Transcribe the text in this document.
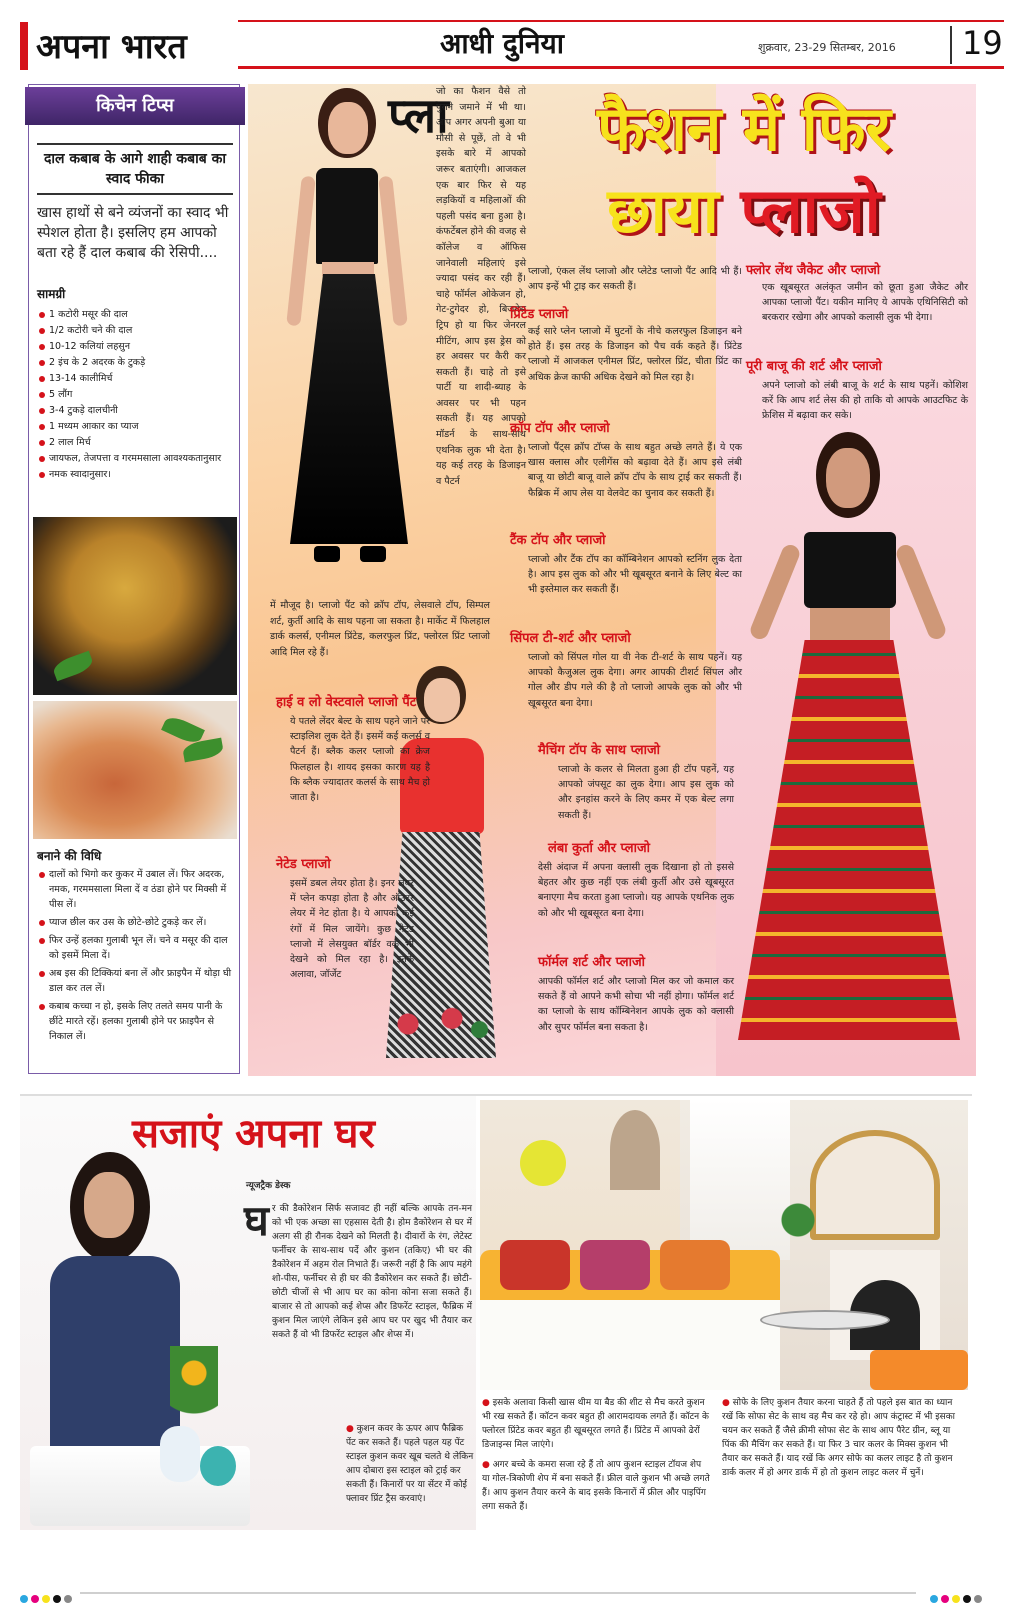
अपना भारत	आधी दुनिया	शुक्रवार, 23-29 सितम्बर, 2016 19
किचेन टिप्स
दाल कबाब के आगे शाही कबाब का स्वाद फीका
खास हाथों से बने व्यंजनों का स्वाद भी स्पेशल होता है। इसलिए हम आपको बता रहे हैं दाल कबाब की रेसिपी....
सामग्री
1 कटोरी मसूर की दाल
1/2 कटोरी चने की दाल
10-12 कलियां लहसुन
2 इंच के 2 अदरक के टुकड़े
13-14 कालीमिर्च
5 लौंग
3-4 टुकड़े दालचीनी
1 मध्यम आकार का प्याज
2 लाल मिर्च
जायफल, तेजपत्ता व गरममसाला आवश्यकतानुसार
नमक स्वादानुसार।
बनाने की विधि
दालों को भिगो कर कुकर में उबाल लें। फिर अदरक, नमक, गरममसाला मिला दें व ठंडा होने पर मिक्सी में पीस लें।
प्याज छील कर उस के छोटे-छोटे टुकड़े कर लें।
फिर उन्हें हलका गुलाबी भून लें। चने व मसूर की दाल को इसमें मिला दें।
अब इस की टिक्कियां बना लें और फ्राइपैन में थोड़ा घी डाल कर तल लें।
कबाब कच्चा न हो, इसके लिए तलते समय पानी के छींटे मारते रहें। हलका गुलाबी होने पर फ्राइपैन से निकाल लें।
प्ला
जो का फैशन वैसे तो पुराने जमाने में भी था। आप अगर अपनी बुआ या मौसी से पूछें, तो वे भी इसके बारे में आपको जरूर बताएंगी। आजकल एक बार फिर से यह लड़कियों व महिलाओं की पहली पसंद बना हुआ है। कंफर्टेबल होने की वजह से कॉलेज व ऑफिस जानेवाली महिलाएं इसे ज्यादा पसंद कर रही हैं। चाहे फॉर्मल ओकेजन हो, गेट-टुगेदर हो, बिजनेस ट्रिप हो या फिर जेनरल मीटिंग, आप इस ड्रेस को हर अवसर पर कैरी कर सकती हैं। चाहे तो इसे पार्टी या शादी-ब्याह के अवसर पर भी पहन सकती हैं। यह आपको मॉडर्न के साथ-साथ एथनिक लुक भी देता है। यह कई तरह के डिजाइन व पैटर्न
में मौजूद है। प्लाजो पैंट को क्रॉप टॉप, लेसवाले टॉप, सिम्पल शर्ट, कुर्ती आदि के साथ पहना जा सकता है। मार्केट में फिलहाल डार्क कलर्स, एनीमल प्रिंटेड, कलरफुल प्रिंट, फ्लोरल प्रिंट प्लाजो आदि मिल रहे हैं।
फैशन में फिर
छाया प्लाजो
प्लाजो, एंकल लेंथ प्लाजो और प्लेटेड प्लाजो पैंट आदि भी हैं। आप इन्हें भी ट्राइ कर सकती हैं।
प्रिंटेड प्लाजो
कई सारे प्लेन प्लाजो में घुटनों के नीचे कलरफुल डिजाइन बने होते हैं। इस तरह के डिजाइन को पैच वर्क कहते हैं। प्रिंटेड प्लाजो में आजकल एनीमल प्रिंट, फ्लोरल प्रिंट, चीता प्रिंट का अधिक क्रेज काफी अधिक देखने को मिल रहा है।
क्रॉप टॉप और प्लाजो
प्लाजो पैंट्स क्रॉप टॉप्स के साथ बहुत अच्छे लगते हैं। ये एक खास क्लास और एलीगेंस को बढ़ावा देते हैं। आप इसे लंबी बाजू या छोटी बाजू वाले क्रॉप टॉप के साथ ट्राई कर सकती हैं। फैब्रिक में आप लेस या वेलवेट का चुनाव कर सकती हैं।
टैंक टॉप और प्लाजो
प्लाजो और टैंक टॉप का कॉम्बिनेशन आपको स्टनिंग लुक देता है। आप इस लुक को और भी खूबसूरत बनाने के लिए बेल्ट का भी इस्तेमाल कर सकती हैं।
सिंपल टी-शर्ट और प्लाजो
प्लाजो को सिंपल गोल या वी नेक टी-शर्ट के साथ पहनें। यह आपको कैजुअल लुक देगा। अगर आपकी टीशर्ट सिंपल और गोल और डीप गले की है तो प्लाजो आपके लुक को और भी खूबसूरत बना देगा।
मैचिंग टॉप के साथ प्लाजो
प्लाजो के कलर से मिलता हुआ ही टॉप पहनें, यह आपको जंपसूट का लुक देगा। आप इस लुक को और इनहांस करने के लिए कमर में एक बेल्ट लगा सकती हैं।
लंबा कुर्ता और प्लाजो
देसी अंदाज में अपना क्लासी लुक दिखाना हो तो इससे बेहतर और कुछ नहीं एक लंबी कुर्ती और उसे खूबसूरत बनाएगा मैच करता हुआ प्लाजो। यह आपके एथनिक लुक को और भी खूबसूरत बना देगा।
फॉर्मल शर्ट और प्लाजो
आपकी फॉर्मल शर्ट और प्लाजो मिल कर जो कमाल कर सकते हैं वो आपने कभी सोचा भी नहीं होगा। फॉर्मल शर्ट का प्लाजो के साथ कॉम्बिनेशन आपके लुक को क्लासी और सुपर फॉर्मल बना सकता है।
हाई व लो वेस्टवाले प्लाजो पैंट
ये पतले लेंदर बेल्ट के साथ पहने जाने पर स्टाइलिश लुक देते हैं। इसमें कई कलर्स व पैटर्न हैं। ब्लैक कलर प्लाजो का क्रेज फिलहाल है। शायद इसका कारण यह है कि ब्लैक ज्यादातर कलर्स के साथ मैच हो जाता है।
नेटेड प्लाजो
इसमें डबल लेयर होता है। इनर लेयर में प्लेन कपड़ा होता है और ऑउटर लेयर में नेट होता है। ये आपको कई रंगों में मिल जायेंगे। कुछ नेटेड प्लाजो में लेसयुक्त बॉर्डर वर्क भी देखने को मिल रहा है। इनके अलावा, जॉर्जेट
फ्लोर लेंथ जैकेट और प्लाजो
एक खूबसूरत अलंकृत जमीन को छूता हुआ जैकेट और आपका प्लाजो पैंट। यकीन मानिए ये आपके एथिनिसिटी को बरकरार रखेगा और आपको कलासी लुक भी देगा।
पूरी बाजू की शर्ट और प्लाजो
अपने प्लाजो को लंबी बाजू के शर्ट के साथ पहनें। कोशिश करें कि आप शर्ट लेस की हो ताकि वो आपके आउटफिट के फ्रेशिस में बढ़ावा कर सके।
सजाएं अपना घर
न्यूजट्रैक डेस्क
घ र की डैकोरेशन सिर्फ सजावट ही नहीं बल्कि आपके तन-मन को भी एक अच्छा सा एहसास देती है। होम डैकोरेशन से घर में अलग सी ही रौनक देखने को मिलती है। दीवारों के रंग, लेटेस्ट फर्नीचर के साथ-साथ पर्दे और कुशन (तकिए) भी घर की डैकोरेशन में अहम रोल निभाते हैं। जरूरी नहीं है कि आप महंगे शो-पीस, फर्नीचर से ही घर की डैकोरेशन कर सकते हैं। छोटी-छोटी चीजों से भी आप घर का कोना कोना सजा सकते हैं। बाजार से तो आपको कई शेप्स और डिफरेंट स्टाइल, फैब्रिक में कुशन मिल जाएंगे लेकिन इसे आप घर पर खुद भी तैयार कर सकते हैं वो भी डिफरेंट स्टाइल और शेप्स में।
● कुशन कवर के ऊपर आप फैब्रिक पेंट कर सकते हैं। पहले पहल यह पेंट स्टाइल कुशन कवर खूब चलते थे लेकिन आप दोबारा इस स्टाइल को ट्राई कर सकती हैं। किनारों पर या सेंटर में कोई फ्लावर प्रिंट ट्रैस करवाएं।
● इसके अलावा किसी खास थीम या बैड की शीट से मैच करते कुशन भी रख सकते हैं। कॉटन कवर बहुत ही आरामदायक लगते हैं। कॉटन के फ्लोरल प्रिंटेड कवर बहुत ही खूबसूरत लगते हैं। प्रिंटेड में आपको ढेरों डिजाइन्स मिल जाएंगे।
● अगर बच्चे के कमरा सजा रहे हैं तो आप कुशन स्टाइल टॉयज शेप या गोल-त्रिकोणी शेप में बना सकते हैं। फ्रील वाले कुशन भी अच्छे लगते हैं। आप कुशन तैयार करने के बाद इसके किनारों में फ्रील और पाइपिंग लगा सकते हैं।
● सोफे के लिए कुशन तैयार करना चाहते हैं तो पहले इस बात का ध्यान रखें कि सोफा सेट के साथ वह मैच कर रहे हो। आप कंट्रास्ट में भी इसका चयन कर सकते हैं जैसे क्रीमी सोफा सेट के साथ आप पैरेट ग्रीन, ब्लू या पिंक की मैचिंग कर सकते हैं। या फिर 3 चार कलर के मिक्स कुशन भी तैयार कर सकते हैं। याद रखें कि अगर सोफे का कलर लाइट है तो कुशन डार्क कलर में हो अगर डार्क में हो तो कुशन लाइट कलर में चुनें।
